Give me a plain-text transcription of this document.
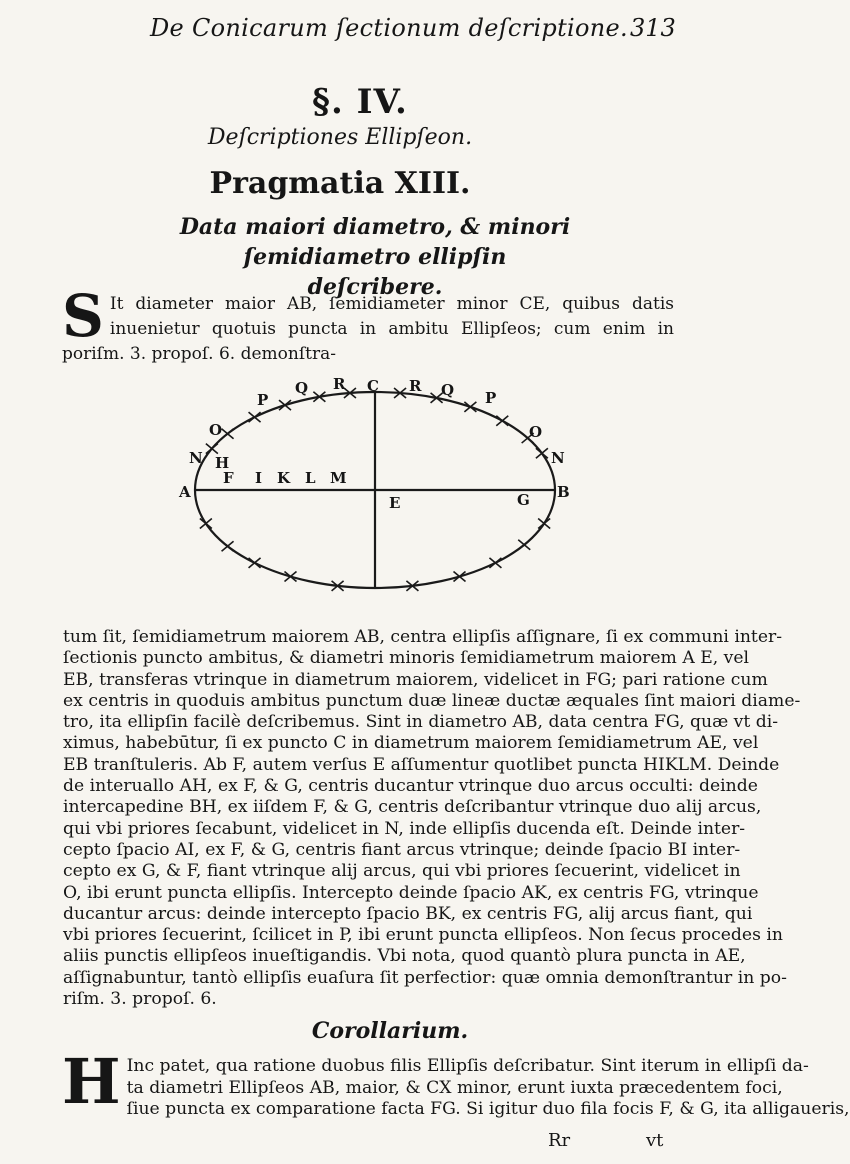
De Conicarum ſectionum deſcriptione. 313
§. IV.
Deſcriptiones Ellipſeon.
Pragmatia XIII.
Data maiori diametro, & minori ſemidiametro ellipſin
deſcribere.
S It diameter maior AB, ſemidiameter minor CE, quibus datis inuenietur quotuis puncta in ambitu Ellipſeos; cum enim in poriſm. 3. propoſ. 6. demonſtra-
A	B
C
E
F
G
H
I K L M
N
O
P
Q R	R Q P
O
N
tum ſit, ſemidiametrum maiorem AB, centra ellipſis aſſignare, ſi ex communi inter-
ſectionis puncto ambitus, & diametri minoris ſemidiametrum maiorem A E, vel
EB, transferas vtrinque in diametrum maiorem, videlicet in FG; pari ratione cum
ex centris in quoduis ambitus punctum duæ lineæ ductæ æquales ſint maiori diame-
tro, ita ellipſin facilè deſcribemus. Sint in diametro AB, data centra FG, quæ vt di-
ximus, habebūtur, ſi ex puncto C in diametrum maiorem ſemidiametrum AE, vel
EB tranſtuleris. Ab F, autem verſus E aſſumentur quotlibet puncta HIKLM. Deinde
de interuallo AH, ex F, & G, centris ducantur vtrinque duo arcus occulti: deinde
intercapedine BH, ex iiſdem F, & G, centris deſcribantur vtrinque duo alij arcus,
qui vbi priores ſecabunt, videlicet in N, inde ellipſis ducenda eſt. Deinde inter-
cepto ſpacio AI, ex F, & G, centris fiant arcus vtrinque; deinde ſpacio BI inter-
cepto ex G, & F, fiant vtrinque alij arcus, qui vbi priores ſecuerint, videlicet in
O, ibi erunt puncta ellipſis. Intercepto deinde ſpacio AK, ex centris FG, vtrinque
ducantur arcus: deinde intercepto ſpacio BK, ex centris FG, alij arcus fiant, qui
vbi priores ſecuerint, ſcilicet in P, ibi erunt puncta ellipſeos. Non ſecus procedes in
aliis punctis ellipſeos inueſtigandis. Vbi nota, quod quantò plura puncta in AE,
aſſignabuntur, tantò ellipſis euaſura ſit perfectior: quæ omnia demonſtrantur in po-
riſm. 3. propoſ. 6.
Corollarium.
H Inc patet, qua ratione duobus filis Ellipſis deſcribatur. Sint iterum in ellipſi da-
ta diametri Ellipſeos AB, maior, & CX minor, erunt iuxta præcedentem foci,
ſiue puncta ex comparatione facta FG. Si igitur duo fila focis F, & G, ita alligaueris,
Rr	vt
